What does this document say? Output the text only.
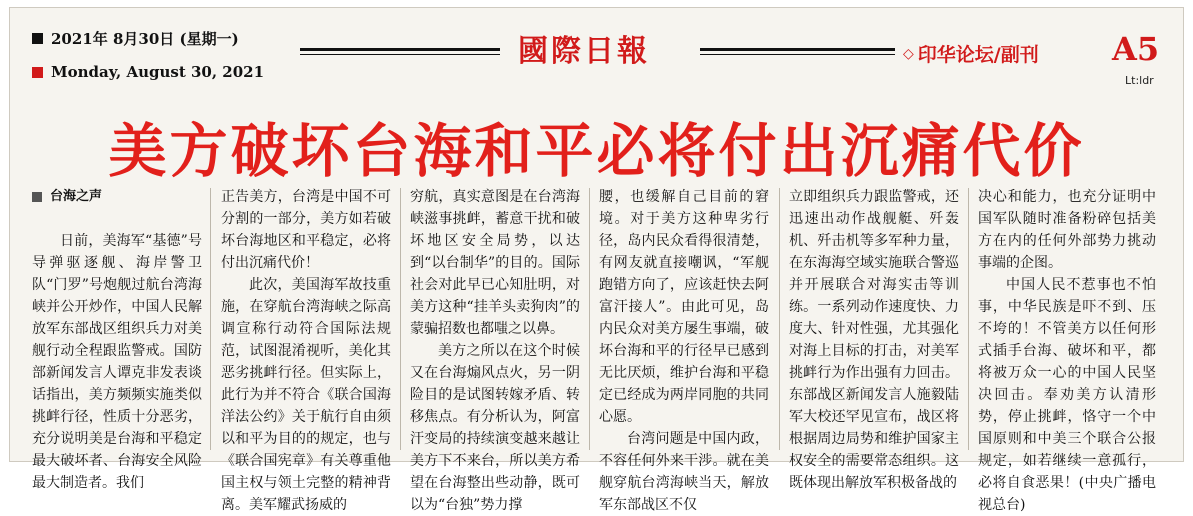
2021年 8月30日 (星期一)
Monday, August 30, 2021
國際日報	◇ 印华论坛/副刊 A5
Lt:ldr
美方破坏台海和平必将付出沉痛代价
台海之声

日前，美海军“基德”号导弹驱逐舰、海岸警卫队“门罗”号炮舰过航台湾海峡并公开炒作，中国人民解放军东部战区组织兵力对美舰行动全程跟监警戒。国防部新闻发言人谭克非发表谈话指出，美方频频实施类似挑衅行径，性质十分恶劣，充分说明美是台海和平稳定最大破坏者、台海安全风险最大制造者。我们

正告美方，台湾是中国不可分割的一部分，美方如若破坏台海地区和平稳定，必将付出沉痛代价！

此次，美国海军故技重施，在穿航台湾海峡之际高调宣称行动符合国际法规范，试图混淆视听，美化其恶劣挑衅行径。但实际上，此行为并不符合《联合国海洋法公约》关于航行自由须以和平为目的的规定，也与《联合国宪章》有关尊重他国主权与领土完整的精神背离。美军耀武扬威的

穷航，真实意图是在台湾海峡滋事挑衅，蓄意干扰和破坏地区安全局势，以达到“以台制华”的目的。国际社会对此早已心知肚明，对美方这种“挂羊头卖狗肉”的蒙骗招数也都嗤之以鼻。

美方之所以在这个时候又在台海煽风点火，另一阴险目的是试图转嫁矛盾、转移焦点。有分析认为，阿富汗变局的持续演变越来越让美方下不来台，所以美方希望在台海整出些动静，既可以为“台独”势力撑

腰，也缓解自己目前的窘境。对于美方这种卑劣行径，岛内民众看得很清楚，有网友就直接嘲讽，“军舰跑错方向了，应该赶快去阿富汗接人”。由此可见，岛内民众对美方屡生事端，破坏台海和平的行径早已感到无比厌烦，维护台海和平稳定已经成为两岸同胞的共同心愿。

台湾问题是中国内政，不容任何外来干涉。就在美舰穿航台湾海峡当天，解放军东部战区不仅

立即组织兵力跟监警戒，还迅速出动作战舰艇、歼轰机、歼击机等多军种力量，在东海海空域实施联合警巡并开展联合对海实击等训练。一系列动作速度快、力度大、针对性强，尤其强化对海上目标的打击，对美军挑衅行为作出强有力回击。东部战区新闻发言人施毅陆军大校还罕见宣布，战区将根据周边局势和维护国家主权安全的需要常态组织。这既体现出解放军积极备战的

决心和能力，也充分证明中国军队随时准备粉碎包括美方在内的任何外部势力挑动事端的企图。

中国人民不惹事也不怕事，中华民族是吓不到、压不垮的！不管美方以任何形式插手台海、破坏和平，都将被万众一心的中国人民坚决回击。奉劝美方认清形势，停止挑衅，恪守一个中国原则和中美三个联合公报规定，如若继续一意孤行，必将自食恶果！(中央广播电视总台)
